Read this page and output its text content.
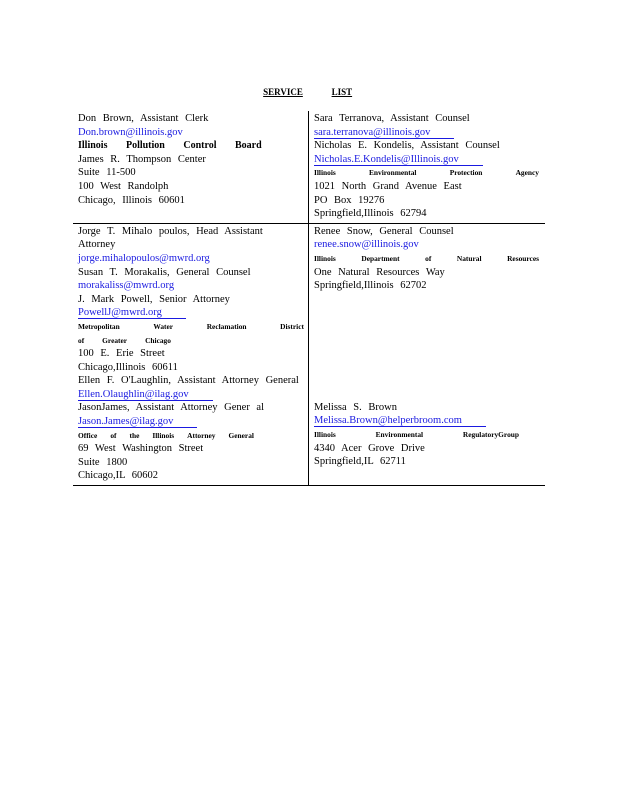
SERVICE	LIST
Don Brown, Assistant Clerk
Don.brown@illinois.gov
Illinois Pollution Control Board
James R. Thompson Center
Suite 11-500
100 West Randolph
Chicago, Illinois 60601
Sara Terranova, Assistant Counsel
sara.terranova@illinois.gov
Nicholas E. Kondelis, Assistant Counsel
Nicholas.E.Kondelis@Illinois.gov
Illinois	Environmental	Protection	Agency
1021 North Grand Avenue East
PO Box 19276
Springfield,Illinois 62794
Jorge T. Mihalo poulos, Head Assistant Attorney
jorge.mihalopoulos@mwrd.org
Susan T. Morakalis, General Counsel
morakaliss@mwrd.org
J. Mark Powell, Senior Attorney
PowellJ@mwrd.org
Metropolitan	Water	Reclamation	District
of Greater Chicago
100 E. Erie Street
Chicago,Illinois 60611
Ellen F. O'Laughlin, Assistant Attorney General
Ellen.Olaughlin@ilag.gov
JasonJames, Assistant Attorney Gener al
Jason.James@ilag.gov
Office of the Illinois Attorney General
69 West Washington Street
Suite 1800
Chicago,IL 60602
Renee Snow, General Counsel
renee.snow@illinois.gov
Illinois	Department	of	Natural	Resources
One Natural Resources Way
Springfield,Illinois 62702
Melissa S. Brown
Melissa.Brown@helperbroom.com
Illinois	Environmental	RegulatoryGroup
4340 Acer Grove Drive
Springfield,IL 62711
